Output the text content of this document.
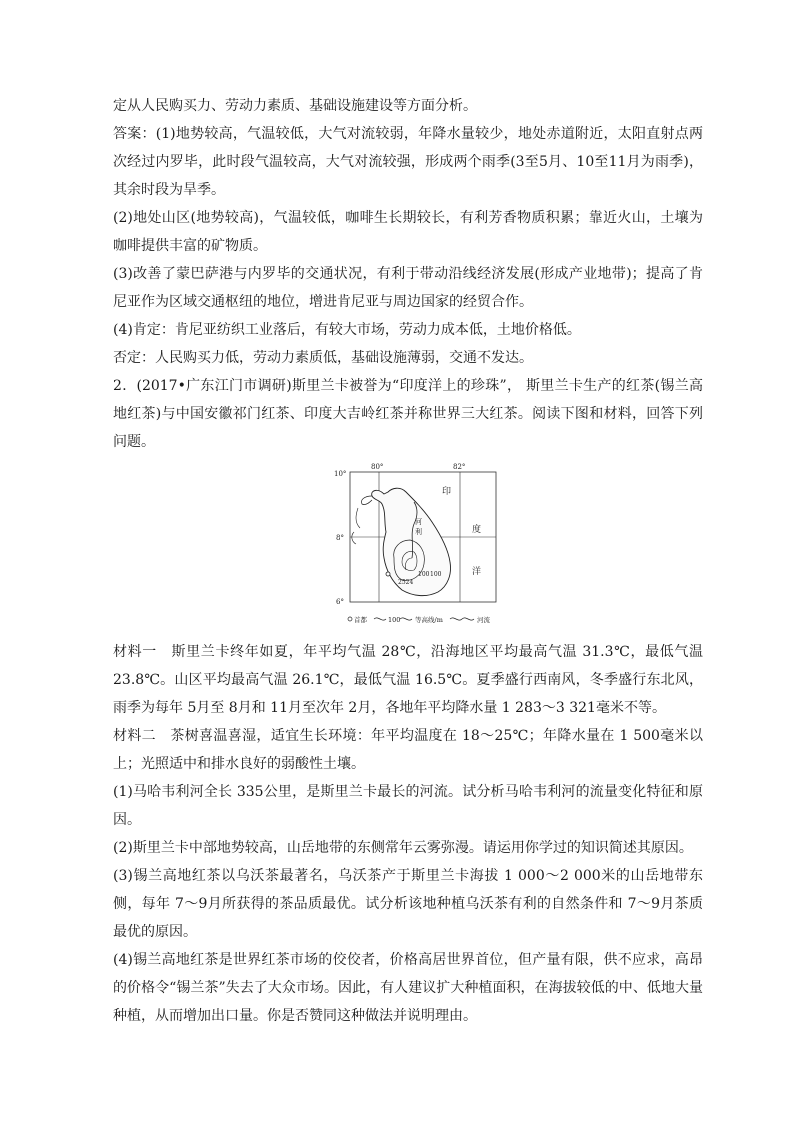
定从人民购买力、劳动力素质、基础设施建设等方面分析。

答案：(1)地势较高，气温较低，大气对流较弱，年降水量较少，地处赤道附近，太阳直射点两次经过内罗毕，此时段气温较高，大气对流较强，形成两个雨季(3至5月、10至11月为雨季)，其余时段为旱季。

(2)地处山区(地势较高)，气温较低，咖啡生长期较长，有利芳香物质积累；靠近火山，土壤为咖啡提供丰富的矿物质。

(3)改善了蒙巴萨港与内罗毕的交通状况，有利于带动沿线经济发展(形成产业地带)；提高了肯尼亚作为区域交通枢纽的地位，增进肯尼亚与周边国家的经贸合作。

(4)肯定：肯尼亚纺织工业落后，有较大市场，劳动力成本低，土地价格低。

否定：人民购买力低，劳动力素质低，基础设施薄弱，交通不发达。

2．(2017•广东江门市调研)斯里兰卡被誉为“印度洋上的珍珠”， 斯里兰卡生产的红茶(锡兰高地红茶)与中国安徽祁门红茶、印度大吉岭红茶并称世界三大红茶。阅读下图和材料，回答下列问题。

80°	82°
10°
8°
6°
印
度
洋
河
利
100 100
2524
首都	100 等高线/m	河流

材料一　斯里兰卡终年如夏，年平均气温 28℃，沿海地区平均最高气温 31.3℃，最低气温 23.8℃。山区平均最高气温 26.1℃，最低气温 16.5℃。夏季盛行西南风，冬季盛行东北风，雨季为每年 5月至 8月和 11月至次年 2月，各地年平均降水量 1 283～3 321毫米不等。

材料二　茶树喜温喜湿，适宜生长环境：年平均温度在 18～25℃；年降水量在 1 500毫米以上；光照适中和排水良好的弱酸性土壤。

(1)马哈韦利河全长 335公里，是斯里兰卡最长的河流。试分析马哈韦利河的流量变化特征和原因。

(2)斯里兰卡中部地势较高，山岳地带的东侧常年云雾弥漫。请运用你学过的知识简述其原因。

(3)锡兰高地红茶以乌沃茶最著名，乌沃茶产于斯里兰卡海拔 1 000～2 000米的山岳地带东侧，每年 7～9月所获得的茶品质最优。试分析该地种植乌沃茶有利的自然条件和 7～9月茶质最优的原因。

(4)锡兰高地红茶是世界红茶市场的佼佼者，价格高居世界首位，但产量有限，供不应求，高昂的价格令“锡兰茶”失去了大众市场。因此，有人建议扩大种植面积，在海拔较低的中、低地大量种植，从而增加出口量。你是否赞同这种做法并说明理由。
